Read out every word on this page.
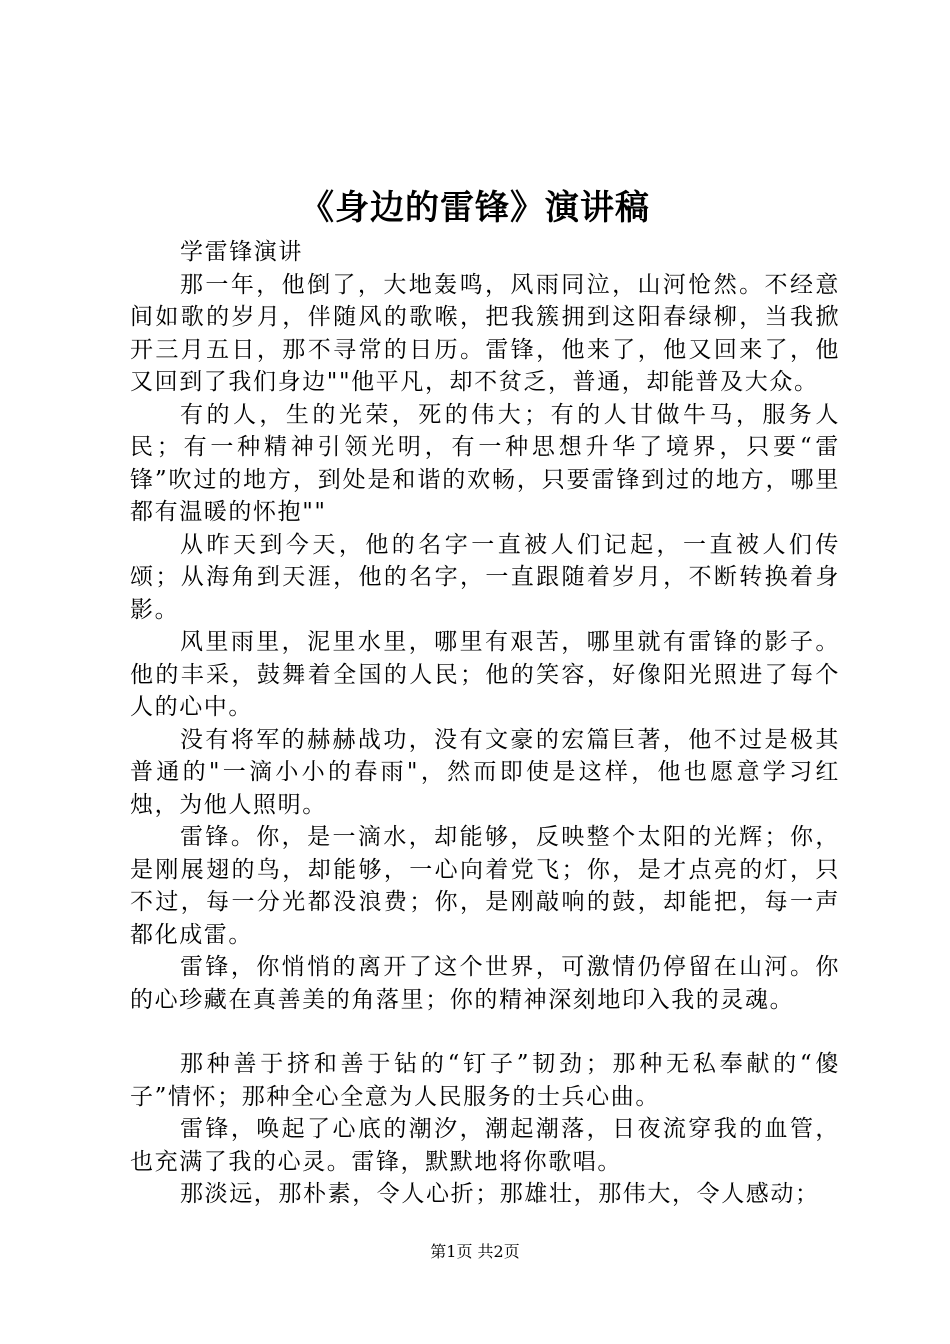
《身边的雷锋》演讲稿

学雷锋演讲

那一年，他倒了，大地轰鸣，风雨同泣，山河怆然。不经意间如歌的岁月，伴随风的歌喉，把我簇拥到这阳春绿柳，当我掀开三月五日，那不寻常的日历。雷锋，他来了，他又回来了，他又回到了我们身边""他平凡，却不贫乏，普通，却能普及大众。

有的人，生的光荣，死的伟大；有的人甘做牛马，服务人民；有一种精神引领光明，有一种思想升华了境界，只要“雷锋”吹过的地方，到处是和谐的欢畅，只要雷锋到过的地方，哪里都有温暖的怀抱""

从昨天到今天，他的名字一直被人们记起，一直被人们传颂；从海角到天涯，他的名字，一直跟随着岁月，不断转换着身影。

风里雨里，泥里水里，哪里有艰苦，哪里就有雷锋的影子。他的丰采，鼓舞着全国的人民；他的笑容，好像阳光照进了每个人的心中。

没有将军的赫赫战功，没有文豪的宏篇巨著，他不过是极其普通的"一滴小小的春雨"，然而即使是这样，他也愿意学习红烛，为他人照明。

雷锋。你，是一滴水，却能够，反映整个太阳的光辉；你，是刚展翅的鸟，却能够，一心向着党飞；你，是才点亮的灯，只不过，每一分光都没浪费；你，是刚敲响的鼓，却能把，每一声都化成雷。

雷锋，你悄悄的离开了这个世界，可激情仍停留在山河。你的心珍藏在真善美的角落里；你的精神深刻地印入我的灵魂。

那种善于挤和善于钻的“钉子”韧劲；那种无私奉献的“傻子”情怀；那种全心全意为人民服务的士兵心曲。

雷锋，唤起了心底的潮汐，潮起潮落，日夜流穿我的血管，也充满了我的心灵。雷锋，默默地将你歌唱。

那淡远，那朴素，令人心折；那雄壮，那伟大，令人感动；

第1页 共2页
